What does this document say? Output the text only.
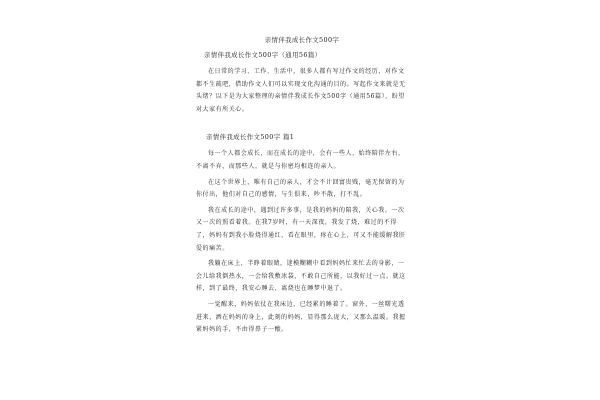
亲情伴我成长作文500字
亲情伴我成长作文500字（通用56篇）

在日常的学习、工作、生活中，很多人都有写过作文的经历，对作文都不生疏吧，借助作文人们可以实现文化沟通的目的。写起作文来就是无头绪？以下是为大家整理的亲情伴我成长作文500字（通用56篇），盼望对大家有所关心。

亲情伴我成长作文500字 篇1

每一个人都会成长，而在成长的途中，会有一些人，始终陪伴左右，不离不弃，而那些人，就是与你密均相连的亲人。

在这个世界上，唯有自己的亲人，才会不计回富贵贱，毫无保留的为你付出，他们对自己的感情，与生俱来，吵不散，打不乱。

我在成长的途中，遇到过许多事，是我的妈妈的陪我，关心我。一次又一次的照看着我。在我7岁时，有一天深夜，我发了烧，难过的不得了，妈妈有到我小脸烧得通红，看在眼里，疼在心上，可又不能缓解我肝爱的痛苦。

我躺在床上，半睁着眼睛，迷模糊糊中看到妈妈忙来忙去的身影，一会儿给我倒热水，一会给我敷冰袋，不敢自己所能，以我好过一点。就这样，到了最终，我安心睡去，离烧也在睡梦中退了。

一觉醒来，妈妈依仗在我床边，已经累的睡着了。窗外，一丝曙光透进来，洒在妈妈的身上，此刻的妈妈，显得那么庞大，又那么温暖。我握紧妈妈的手，不由得鼻子一酸。
